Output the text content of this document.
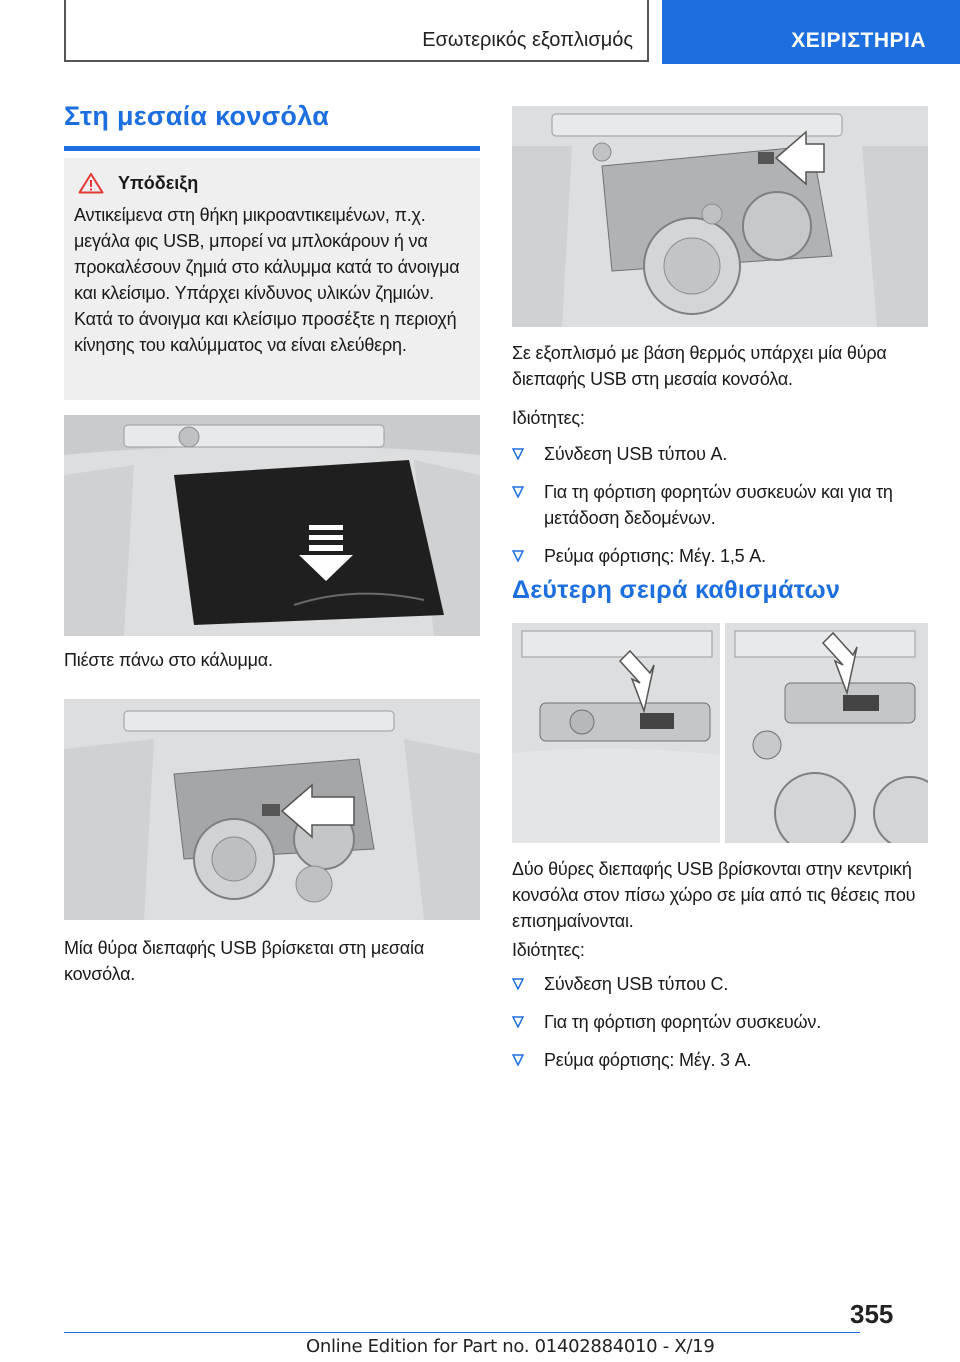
Εσωτερικός εξοπλισμός	ΧΕΙΡΙΣΤΗΡΙΑ
Στη μεσαία κονσόλα
Υπόδειξη

Αντικείμενα στη θήκη μικροαντικειμένων, π.χ. μεγάλα φις USB, μπορεί να μπλοκάρουν ή να προκαλέσουν ζημιά στο κάλυμμα κατά το άνοιγμα και κλείσιμο. Υπάρχει κίνδυνος υλικών ζημιών. Κατά το άνοιγμα και κλείσιμο προσέξτε η περιοχή κίνησης του καλύμματος να είναι ελεύθερη.

Πιέστε πάνω στο κάλυμμα.

Μία θύρα διεπαφής USB βρίσκεται στη μεσαία κονσόλα.

Σε εξοπλισμό με βάση θερμός υπάρχει μία θύρα διεπαφής USB στη μεσαία κονσόλα.

Ιδιότητες:

Σύνδεση USB τύπου A.
Για τη φόρτιση φορητών συσκευών και για τη μετάδοση δεδομένων.
Ρεύμα φόρτισης: Μέγ. 1,5 A.
Δεύτερη σειρά καθισμάτων

Δύο θύρες διεπαφής USB βρίσκονται στην κεντρική κονσόλα στον πίσω χώρο σε μία από τις θέσεις που επισημαίνονται.

Ιδιότητες:

Σύνδεση USB τύπου C.
Για τη φόρτιση φορητών συσκευών.
Ρεύμα φόρτισης: Μέγ. 3 A.
355
Online Edition for Part no. 01402884010 - X/19
